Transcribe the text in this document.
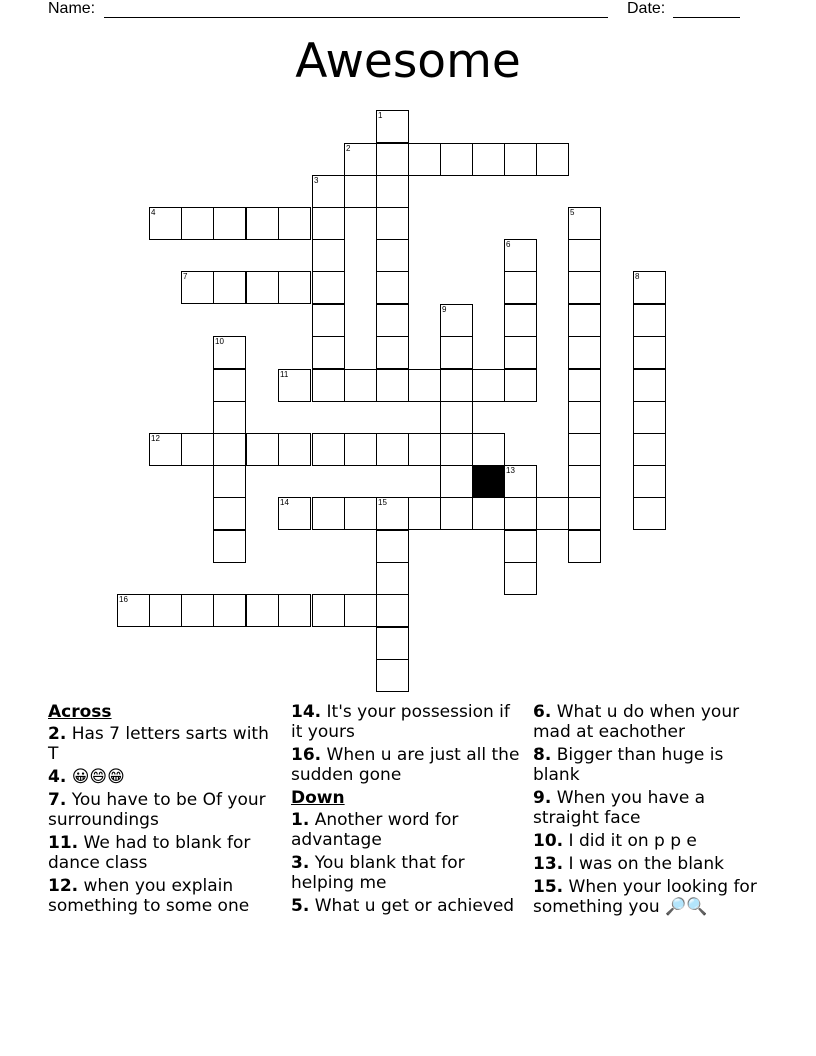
Name:	Date:
Awesome
1
2
3
4	5
6
7	8
9
10
11
12
13
14	15
16
Across
2. Has 7 letters sarts with T
4. 😀😄😁
7. You have to be Of your surroundings
11. We had to blank for dance class
12. when you explain something to some one
14. It's your possession if it yours
16. When u are just all the sudden gone
Down
1. Another word for advantage
3. You blank that for helping me
5. What u get or achieved
6. What u do when your mad at eachother
8. Bigger than huge is blank
9. When you have a straight face
10. I did it on p p e
13. I was on the blank
15. When your looking for something you 🔎🔍
